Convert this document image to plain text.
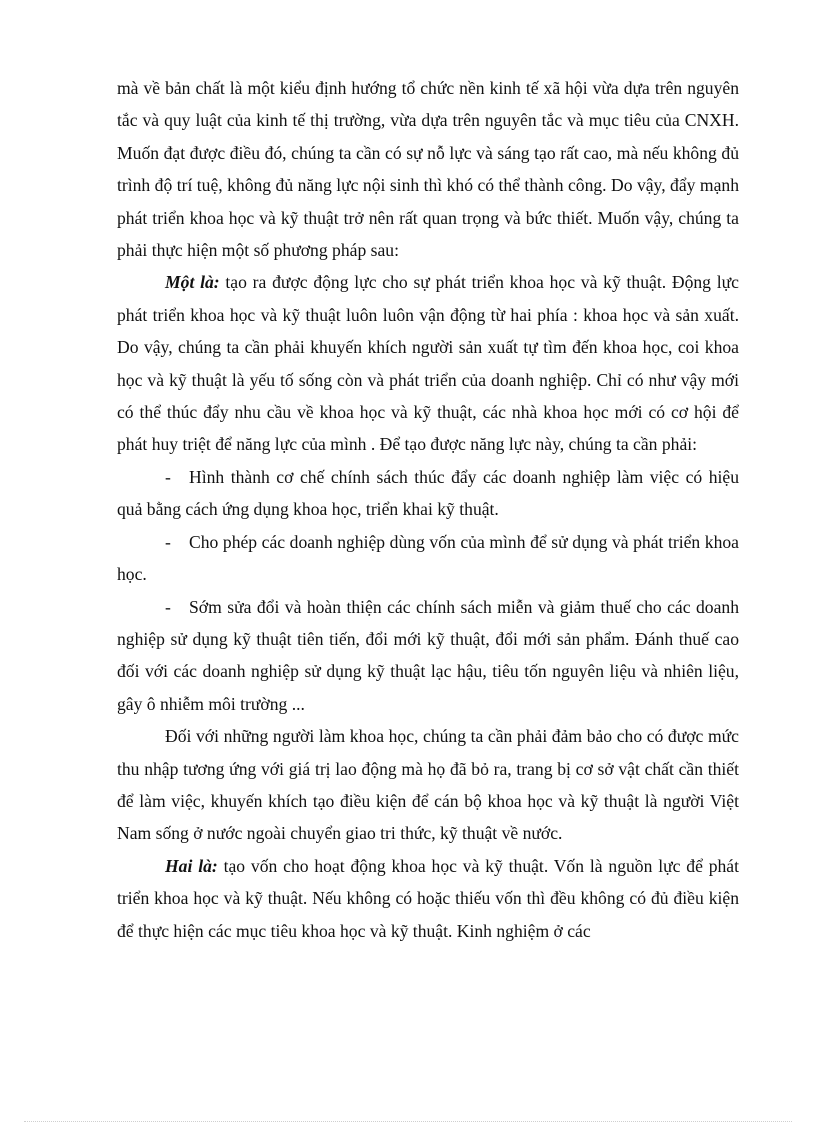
mà về bản chất là một kiểu định hướng tổ chức nền kinh tế xã hội vừa dựa trên nguyên tắc và quy luật của kinh tế thị trường, vừa dựa trên nguyên tắc và mục tiêu của CNXH. Muốn đạt được điều đó, chúng ta cần có sự nỗ lực và sáng tạo rất cao, mà nếu không đủ trình độ trí tuệ, không đủ năng lực nội sinh thì khó có thể thành công. Do vậy, đẩy mạnh phát triển khoa học và kỹ thuật trở nên rất quan trọng và bức thiết. Muốn vậy, chúng ta phải thực hiện một số phương pháp sau:

Một là: tạo ra được động lực cho sự phát triển khoa học và kỹ thuật. Động lực phát triển khoa học và kỹ thuật luôn luôn vận động từ hai phía : khoa học và sản xuất. Do vậy, chúng ta cần phải khuyến khích người sản xuất tự tìm đến khoa học, coi khoa học và kỹ thuật là yếu tố sống còn và phát triển của doanh nghiệp. Chỉ có như vậy mới có thể thúc đẩy nhu cầu về khoa học và kỹ thuật, các nhà khoa học mới có cơ hội để phát huy triệt để năng lực của mình . Để tạo được năng lực này, chúng ta cần phải:

- Hình thành cơ chế chính sách thúc đẩy các doanh nghiệp làm việc có hiệu quả bằng cách ứng dụng khoa học, triển khai kỹ thuật.

- Cho phép các doanh nghiệp dùng vốn của mình để sử dụng và phát triển khoa học.

- Sớm sửa đổi và hoàn thiện các chính sách miễn và giảm thuế cho các doanh nghiệp sử dụng kỹ thuật tiên tiến, đổi mới kỹ thuật, đổi mới sản phẩm. Đánh thuế cao đối với các doanh nghiệp sử dụng kỹ thuật lạc hậu, tiêu tốn nguyên liệu và nhiên liệu, gây ô nhiễm môi trường ...

Đối với những người làm khoa học, chúng ta cần phải đảm bảo cho có được mức thu nhập tương ứng với giá trị lao động mà họ đã bỏ ra, trang bị cơ sở vật chất cần thiết để làm việc, khuyến khích tạo điều kiện để cán bộ khoa học và kỹ thuật là người Việt Nam sống ở nước ngoài chuyển giao tri thức, kỹ thuật về nước.

Hai là: tạo vốn cho hoạt động khoa học và kỹ thuật. Vốn là nguồn lực để phát triển khoa học và kỹ thuật. Nếu không có hoặc thiếu vốn thì đều không có đủ điều kiện để thực hiện các mục tiêu khoa học và kỹ thuật. Kinh nghiệm ở các
